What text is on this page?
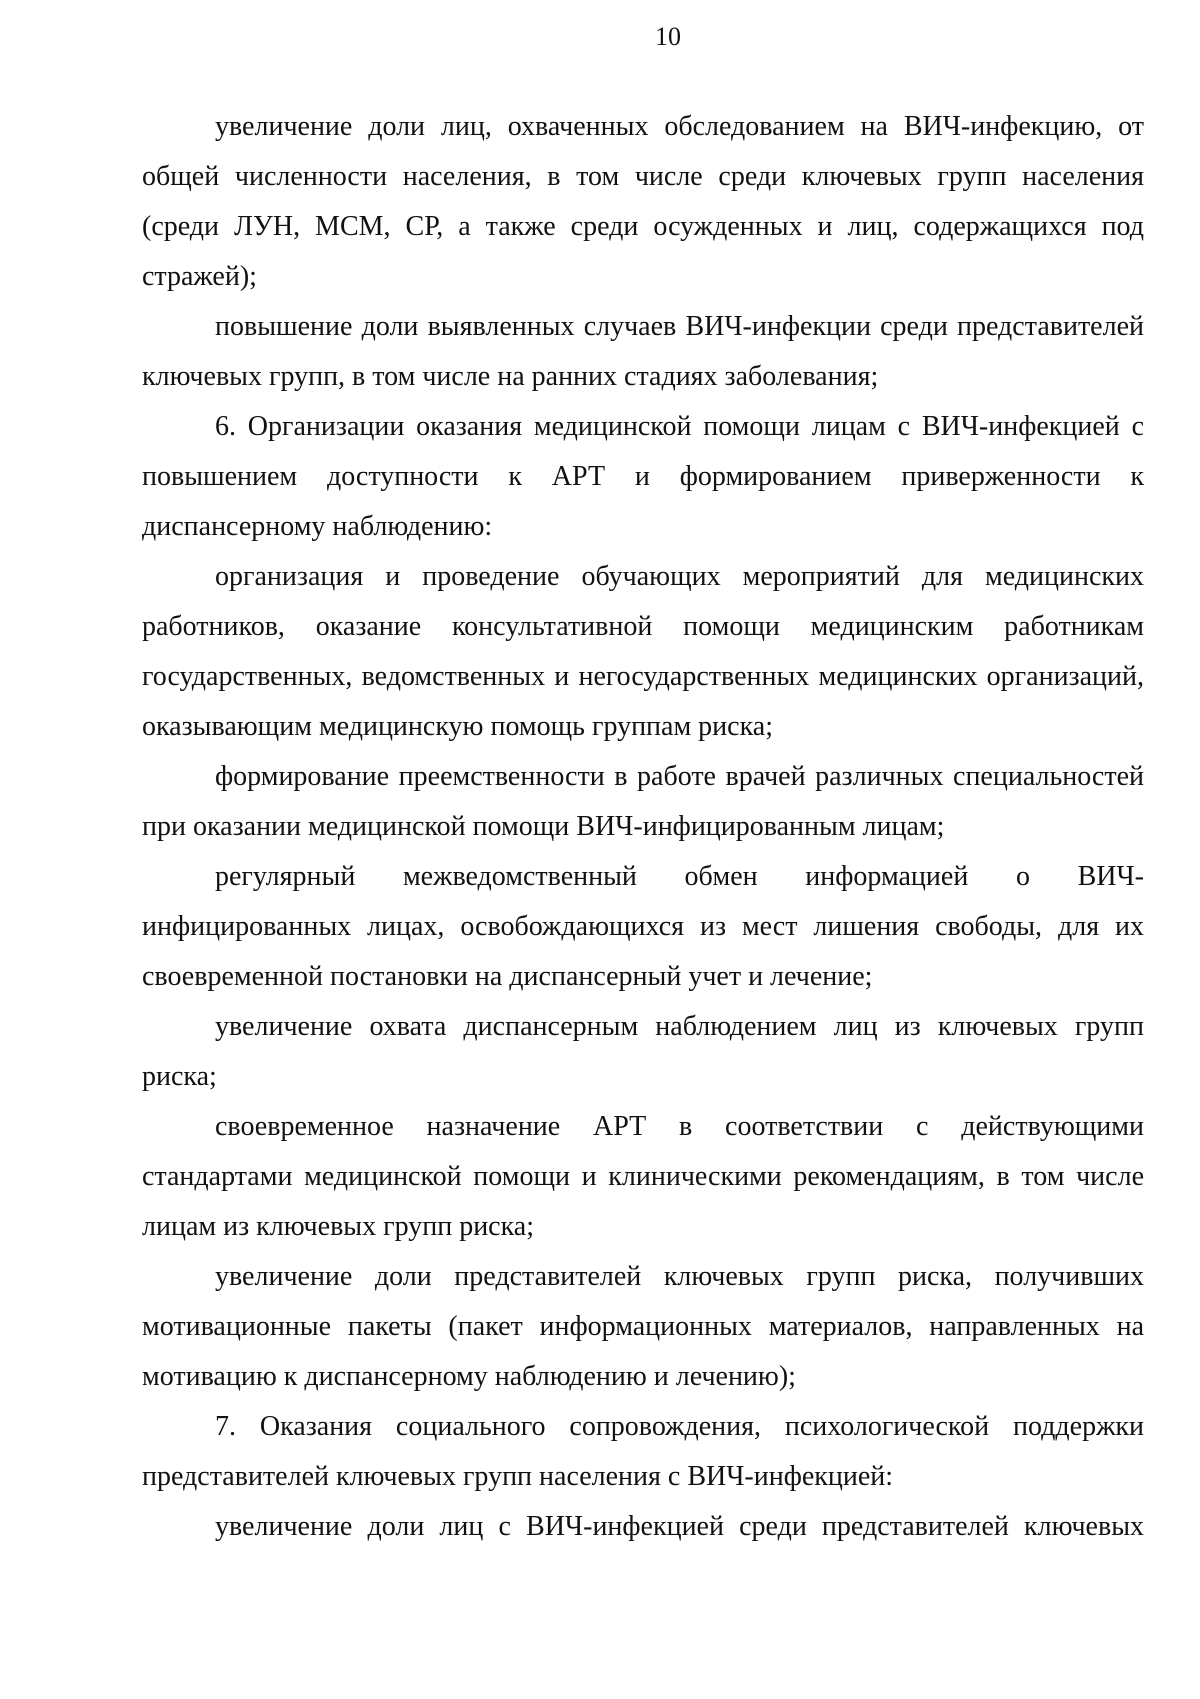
10

увеличение доли лиц, охваченных обследованием на ВИЧ-инфекцию, от общей численности населения, в том числе среди ключевых групп населения (среди ЛУН, МСМ, СР, а также среди осужденных и лиц, содержащихся под стражей);

повышение доли выявленных случаев ВИЧ-инфекции среди представителей ключевых групп, в том числе на ранних стадиях заболевания;

6. Организации оказания медицинской помощи лицам с ВИЧ-инфекцией с повышением доступности к АРТ и формированием приверженности к диспансерному наблюдению:

организация и проведение обучающих мероприятий для медицинских работников, оказание консультативной помощи медицинским работникам государственных, ведомственных и негосударственных медицинских организаций, оказывающим медицинскую помощь группам риска;

формирование преемственности в работе врачей различных специальностей при оказании медицинской помощи ВИЧ-инфицированным лицам;

регулярный межведомственный обмен информацией о ВИЧ-инфицированных лицах, освобождающихся из мест лишения свободы, для их своевременной постановки на диспансерный учет и лечение;

увеличение охвата диспансерным наблюдением лиц из ключевых групп риска;

своевременное назначение АРТ в соответствии с действующими стандартами медицинской помощи и клиническими рекомендациям, в том числе лицам из ключевых групп риска;

увеличение доли представителей ключевых групп риска, получивших мотивационные пакеты (пакет информационных материалов, направленных на мотивацию к диспансерному наблюдению и лечению);

7. Оказания социального сопровождения, психологической поддержки представителей ключевых групп населения с ВИЧ-инфекцией:

увеличение доли лиц с ВИЧ-инфекцией среди представителей ключевых
